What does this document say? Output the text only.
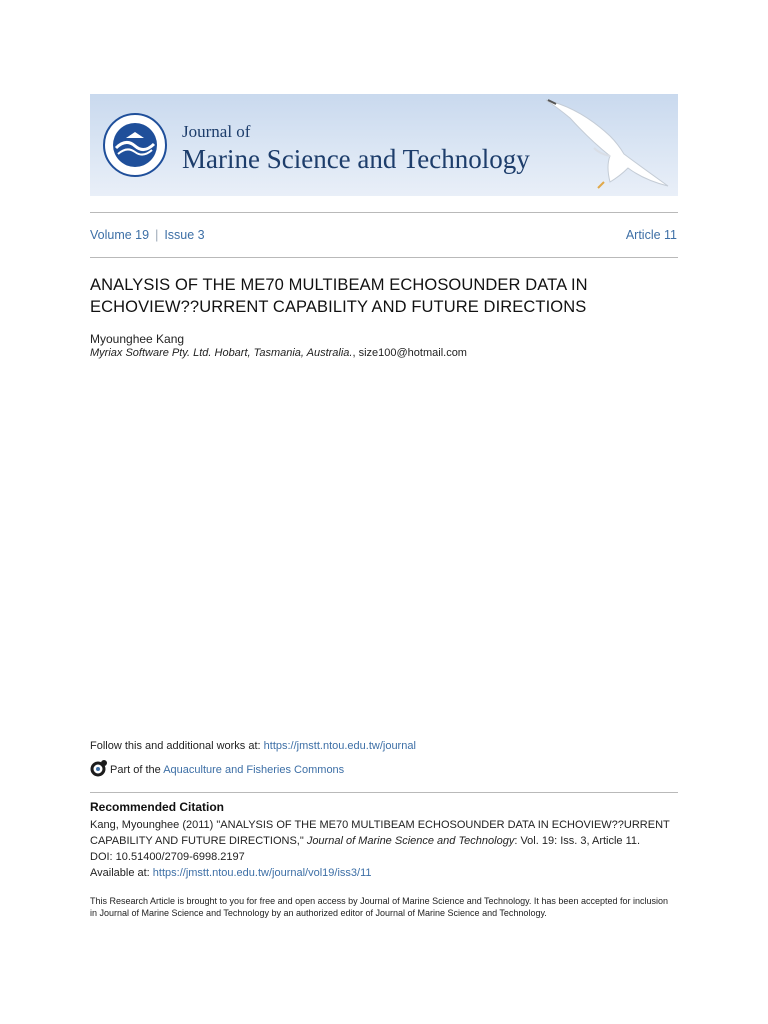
Journal of
Marine Science and Technology
Volume 19 | Issue 3	Article 11
ANALYSIS OF THE ME70 MULTIBEAM ECHOSOUNDER DATA IN
ECHOVIEW??URRENT CAPABILITY AND FUTURE DIRECTIONS
Myounghee Kang
Myriax Software Pty. Ltd. Hobart, Tasmania, Australia., size100@hotmail.com
Follow this and additional works at: https://jmstt.ntou.edu.tw/journal
Part of the Aquaculture and Fisheries Commons
Recommended Citation
Kang, Myounghee (2011) "ANALYSIS OF THE ME70 MULTIBEAM ECHOSOUNDER DATA IN ECHOVIEW??URRENT
CAPABILITY AND FUTURE DIRECTIONS," Journal of Marine Science and Technology: Vol. 19: Iss. 3, Article 11.
DOI: 10.51400/2709-6998.2197
Available at: https://jmstt.ntou.edu.tw/journal/vol19/iss3/11
This Research Article is brought to you for free and open access by Journal of Marine Science and Technology. It has been accepted for inclusion in Journal of Marine Science and Technology by an authorized editor of Journal of Marine Science and Technology.
